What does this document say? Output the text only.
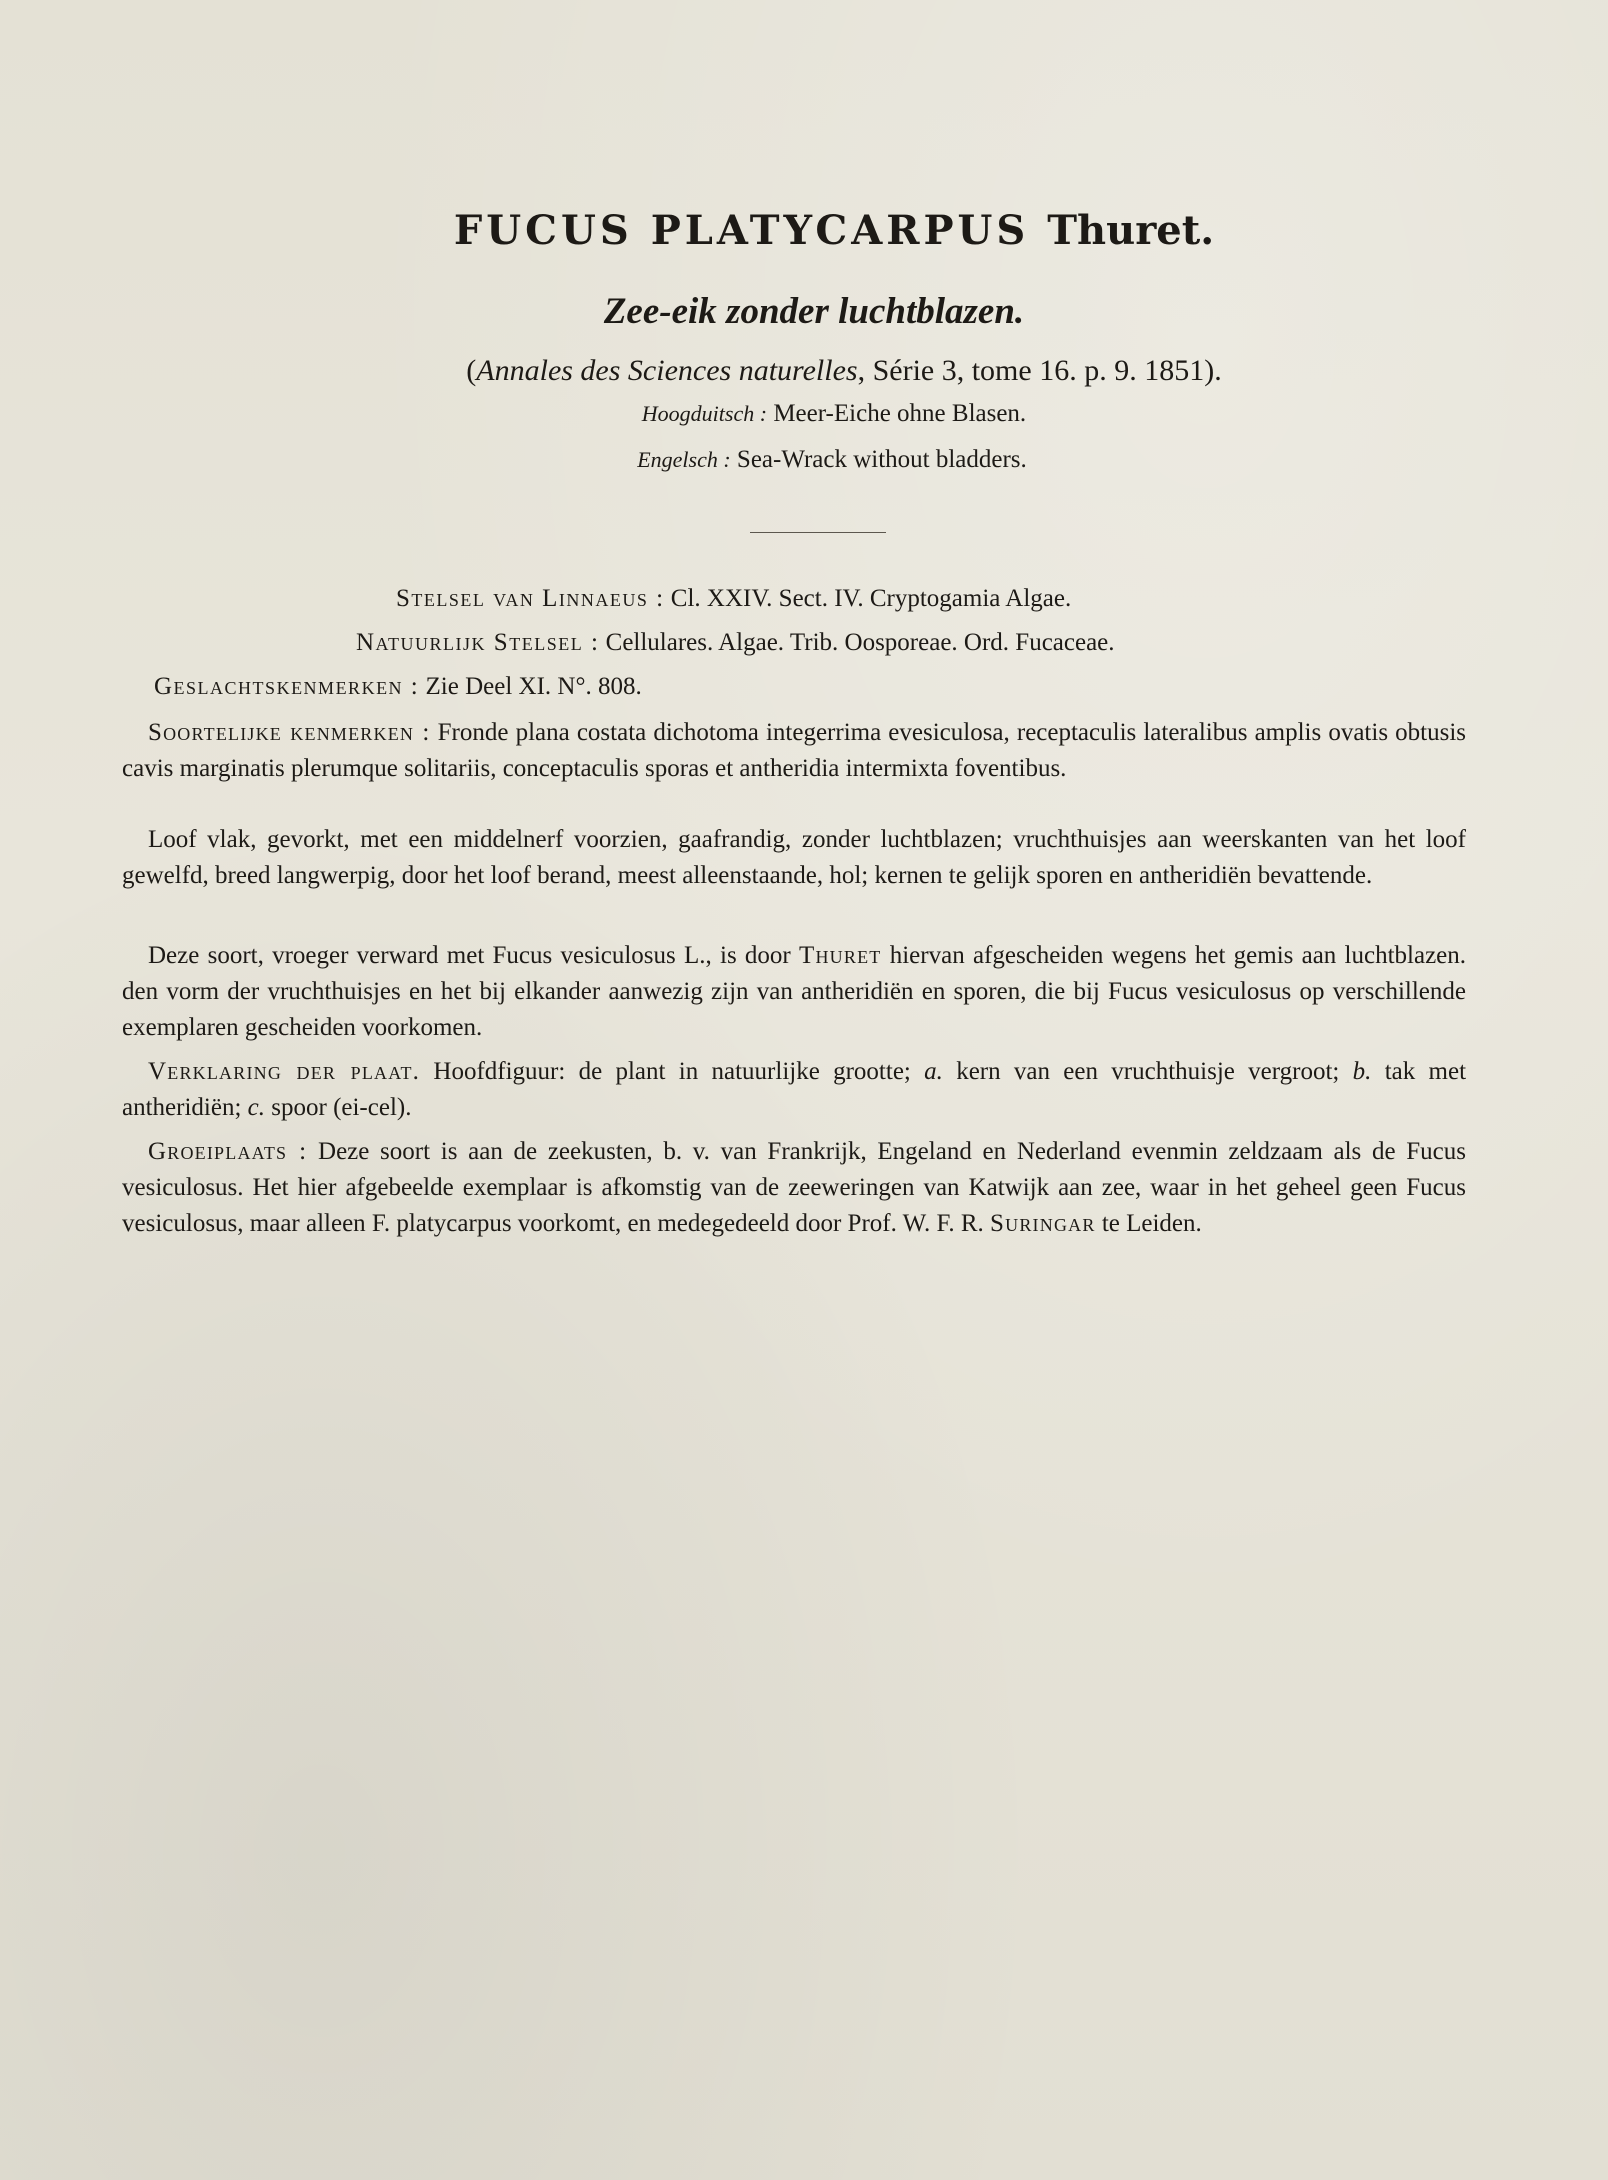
FUCUS PLATYCARPUS Thuret.
Zee-eik zonder luchtblazen.
(Annales des Sciences naturelles, Série 3, tome 16. p. 9. 1851).
Hoogduitsch : Meer-Eiche ohne Blasen.
Engelsch : Sea-Wrack without bladders.
Stelsel van Linnaeus : Cl. XXIV. Sect. IV. Cryptogamia Algae.
Natuurlijk Stelsel : Cellulares. Algae. Trib. Oosporeae. Ord. Fucaceae.
Geslachtskenmerken : Zie Deel XI. N°. 808.

Soortelijke kenmerken : Fronde plana costata dichotoma integerrima evesiculosa, receptaculis lateralibus amplis ovatis obtusis cavis marginatis plerumque solitariis, conceptaculis sporas et antheridia intermixta foventibus.

Loof vlak, gevorkt, met een middelnerf voorzien, gaafrandig, zonder luchtblazen; vruchthuisjes aan weerskanten van het loof gewelfd, breed langwerpig, door het loof berand, meest alleenstaande, hol; kernen te gelijk sporen en antheridiën bevattende.

Deze soort, vroeger verward met Fucus vesiculosus L., is door Thuret hiervan afgescheiden wegens het gemis aan luchtblazen. den vorm der vruchthuisjes en het bij elkander aanwezig zijn van antheridiën en sporen, die bij Fucus vesiculosus op verschillende exemplaren gescheiden voorkomen.

Verklaring der plaat. Hoofdfiguur: de plant in natuurlijke grootte; a. kern van een vruchthuisje vergroot; b. tak met antheridiën; c. spoor (ei-cel).

Groeiplaats : Deze soort is aan de zeekusten, b. v. van Frankrijk, Engeland en Nederland evenmin zeldzaam als de Fucus vesiculosus. Het hier afgebeelde exemplaar is afkomstig van de zeeweringen van Katwijk aan zee, waar in het geheel geen Fucus vesiculosus, maar alleen F. platycarpus voorkomt, en medegedeeld door Prof. W. F. R. Suringar te Leiden.
